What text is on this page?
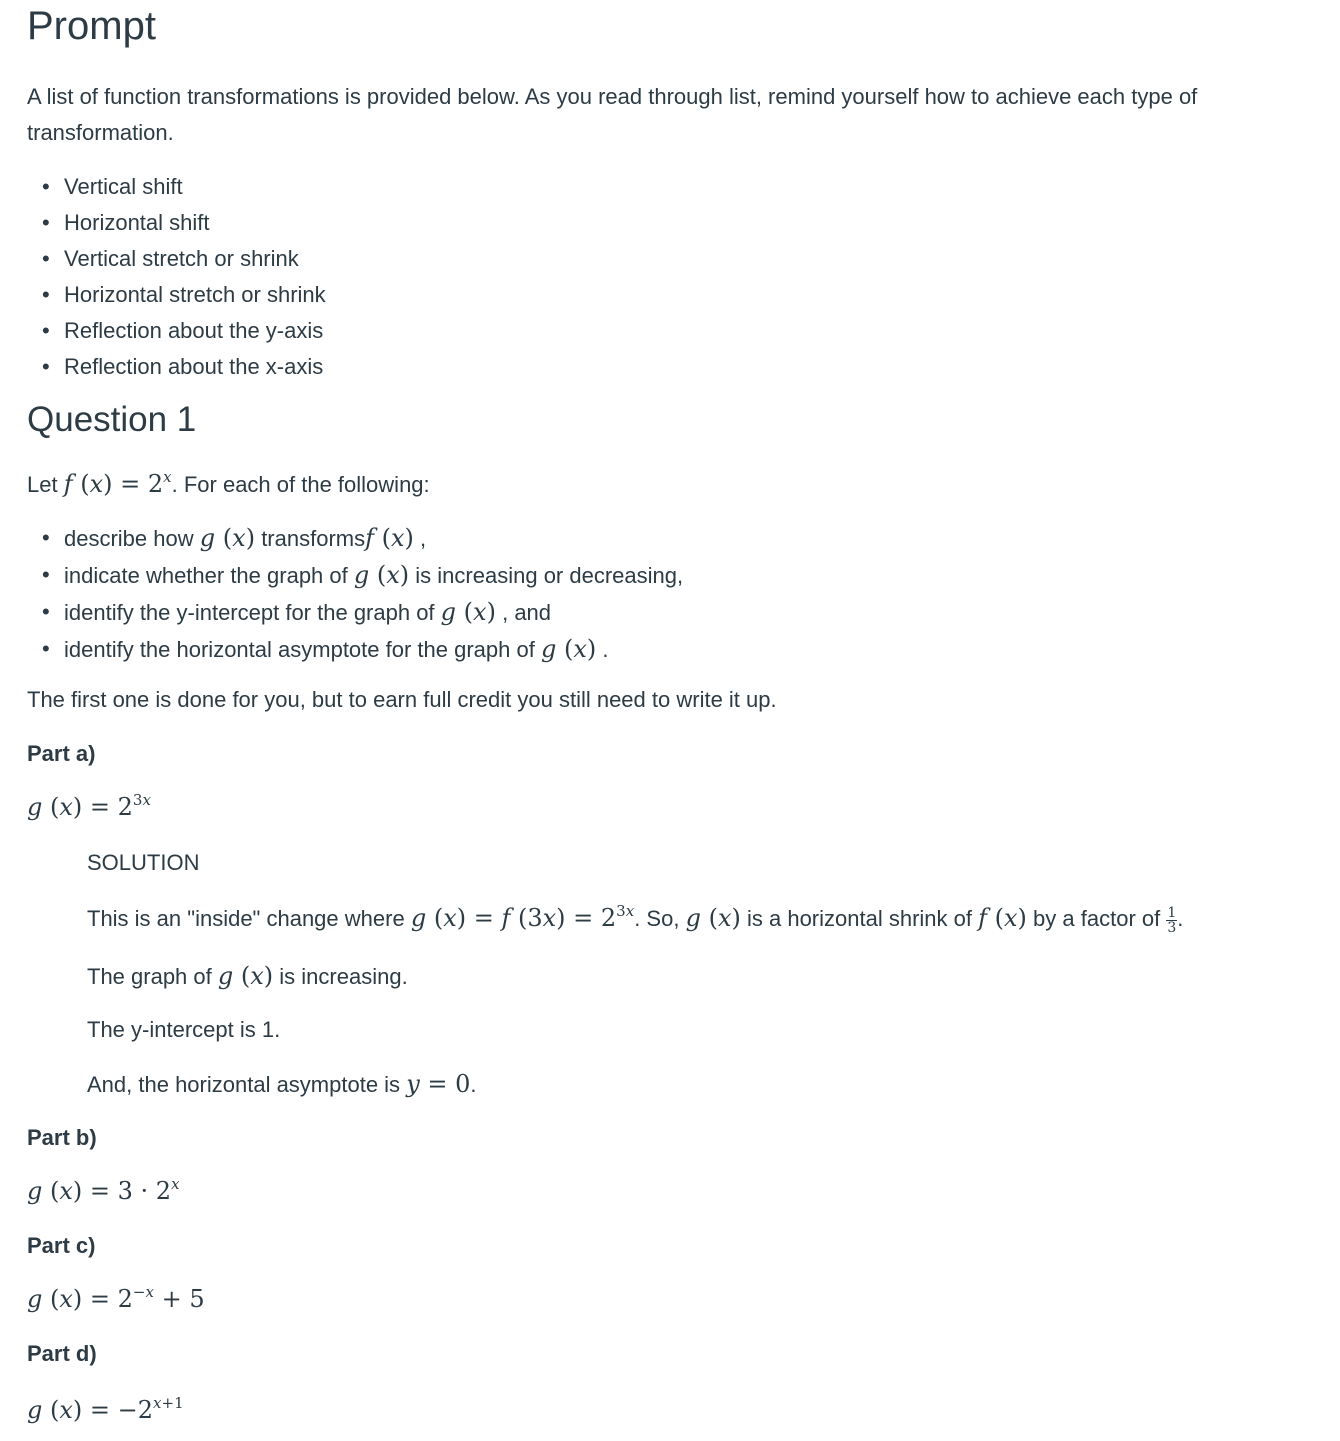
Prompt

A list of function transformations is provided below. As you read through list, remind yourself how to achieve each type of transformation.

• Vertical shift
• Horizontal shift
• Vertical stretch or shrink
• Horizontal stretch or shrink
• Reflection about the y-axis
• Reflection about the x-axis
Question 1

Let f $(x) = 2^x$. For each of the following:

• describe how g (x) transformsf (x) ,
• indicate whether the graph of g (x) is increasing or decreasing,
• identify the y-intercept for the graph of g (x) , and
• identify the horizontal asymptote for the graph of g (x) .

The first one is done for you, but to earn full credit you still need to write it up.

Part a)

g $(x) = 2^{3x}$

SOLUTION

This is an "inside" change where g (x) = f $(3x) = 2^{3x}$. So, g (x) is a horizontal shrink of f (x) by a factor of $\frac{1}{3}$ .

The graph of g (x) is increasing.

The y-intercept is 1.

And, the horizontal asymptote is y = 0.

Part b)

g $(x) = 3 \cdot 2^x$

Part c)

g $(x) = 2^{-x} + 5$

Part d)

g $(x) = -2^{x+1}$
